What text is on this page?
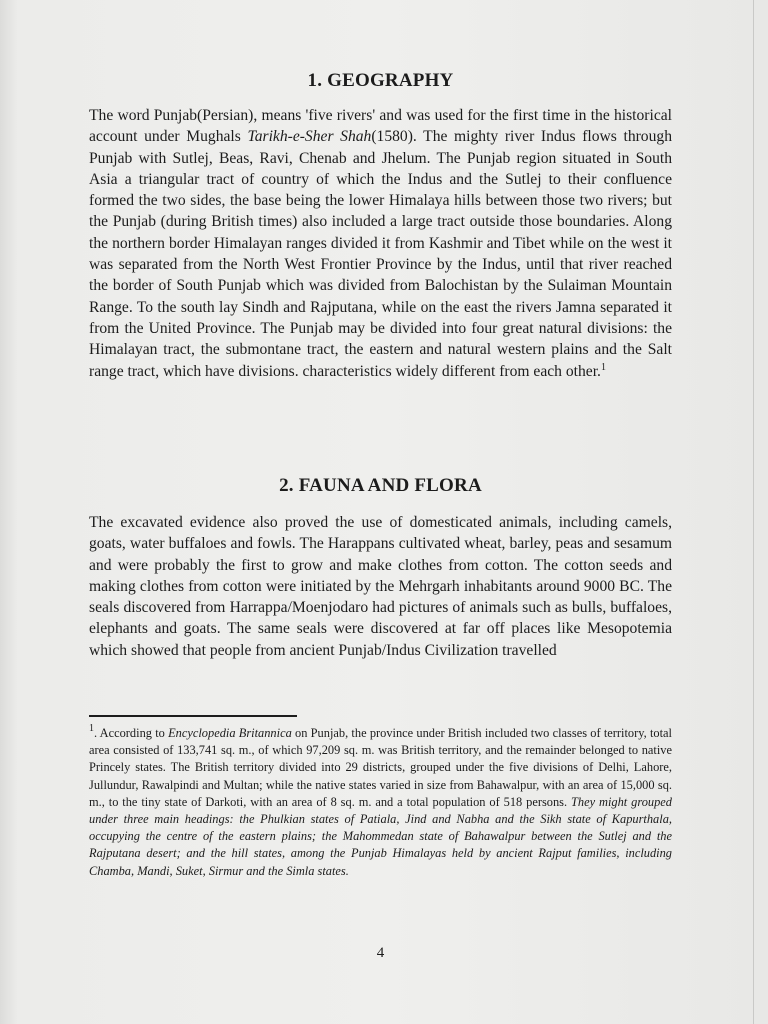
1. GEOGRAPHY

The word Punjab(Persian), means 'five rivers' and was used for the first time in the historical account under Mughals Tarikh-e-Sher Shah(1580). The mighty river Indus flows through Punjab with Sutlej, Beas, Ravi, Chenab and Jhelum. The Punjab region situated in South Asia a triangular tract of country of which the Indus and the Sutlej to their confluence formed the two sides, the base being the lower Himalaya hills between those two rivers; but the Punjab (during British times) also included a large tract outside those boundaries. Along the northern border Himalayan ranges divided it from Kashmir and Tibet while on the west it was separated from the North West Frontier Province by the Indus, until that river reached the border of South Punjab which was divided from Balochistan by the Sulaiman Mountain Range. To the south lay Sindh and Rajputana, while on the east the rivers Jamna separated it from the United Province. The Punjab may be divided into four great natural divisions: the Himalayan tract, the submontane tract, the eastern and natural western plains and the Salt range tract, which have divisions. characteristics widely different from each other.$^1$

2. FAUNA AND FLORA

The excavated evidence also proved the use of domesticated animals, including camels, goats, water buffaloes and fowls. The Harappans cultivated wheat, barley, peas and sesamum and were probably the first to grow and make clothes from cotton. The cotton seeds and making clothes from cotton were initiated by the Mehrgarh inhabitants around 9000 BC. The seals discovered from Harrappa/Moenjodaro had pictures of animals such as bulls, buffaloes, elephants and goats. The same seals were discovered at far off places like Mesopotemia which showed that people from ancient Punjab/Indus Civilization travelled

$^1$. According to Encyclopedia Britannica on Punjab, the province under British included two classes of territory, total area consisted of 133,741 sq. m., of which 97,209 sq. m. was British territory, and the remainder belonged to native Princely states. The British territory divided into 29 districts, grouped under the five divisions of Delhi, Lahore, Jullundur, Rawalpindi and Multan; while the native states varied in size from Bahawalpur, with an area of 15,000 sq. m., to the tiny state of Darkoti, with an area of 8 sq. m. and a total population of 518 persons. They might grouped under three main headings: the Phulkian states of Patiala, Jind and Nabha and the Sikh state of Kapurthala, occupying the centre of the eastern plains; the Mahommedan state of Bahawalpur between the Sutlej and the Rajputana desert; and the hill states, among the Punjab Himalayas held by ancient Rajput families, including Chamba, Mandi, Suket, Sirmur and the Simla states.
4
